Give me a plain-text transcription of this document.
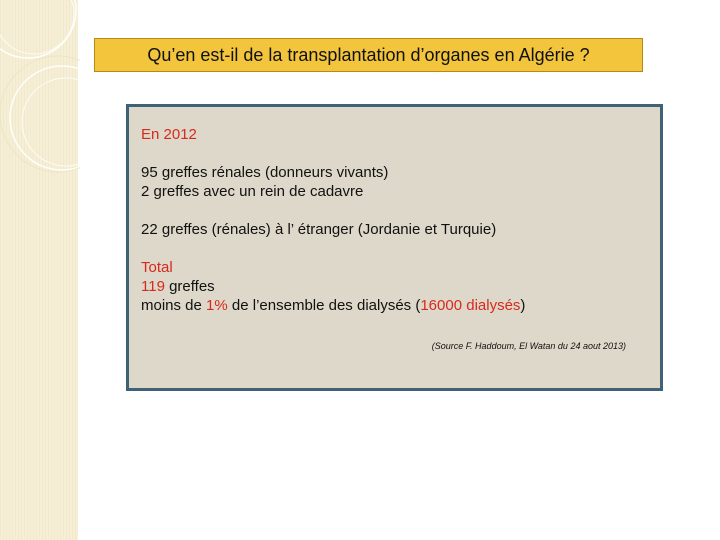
Qu’en est-il de la transplantation d’organes en Algérie ?
En 2012
95 greffes rénales (donneurs vivants)
2 greffes avec un rein de cadavre
22 greffes (rénales) à l’ étranger (Jordanie et Turquie)
Total
119 greffes
moins de 1% de l’ensemble des dialysés (16000 dialysés)
(Source F. Haddoum, El Watan du 24 aout 2013)
